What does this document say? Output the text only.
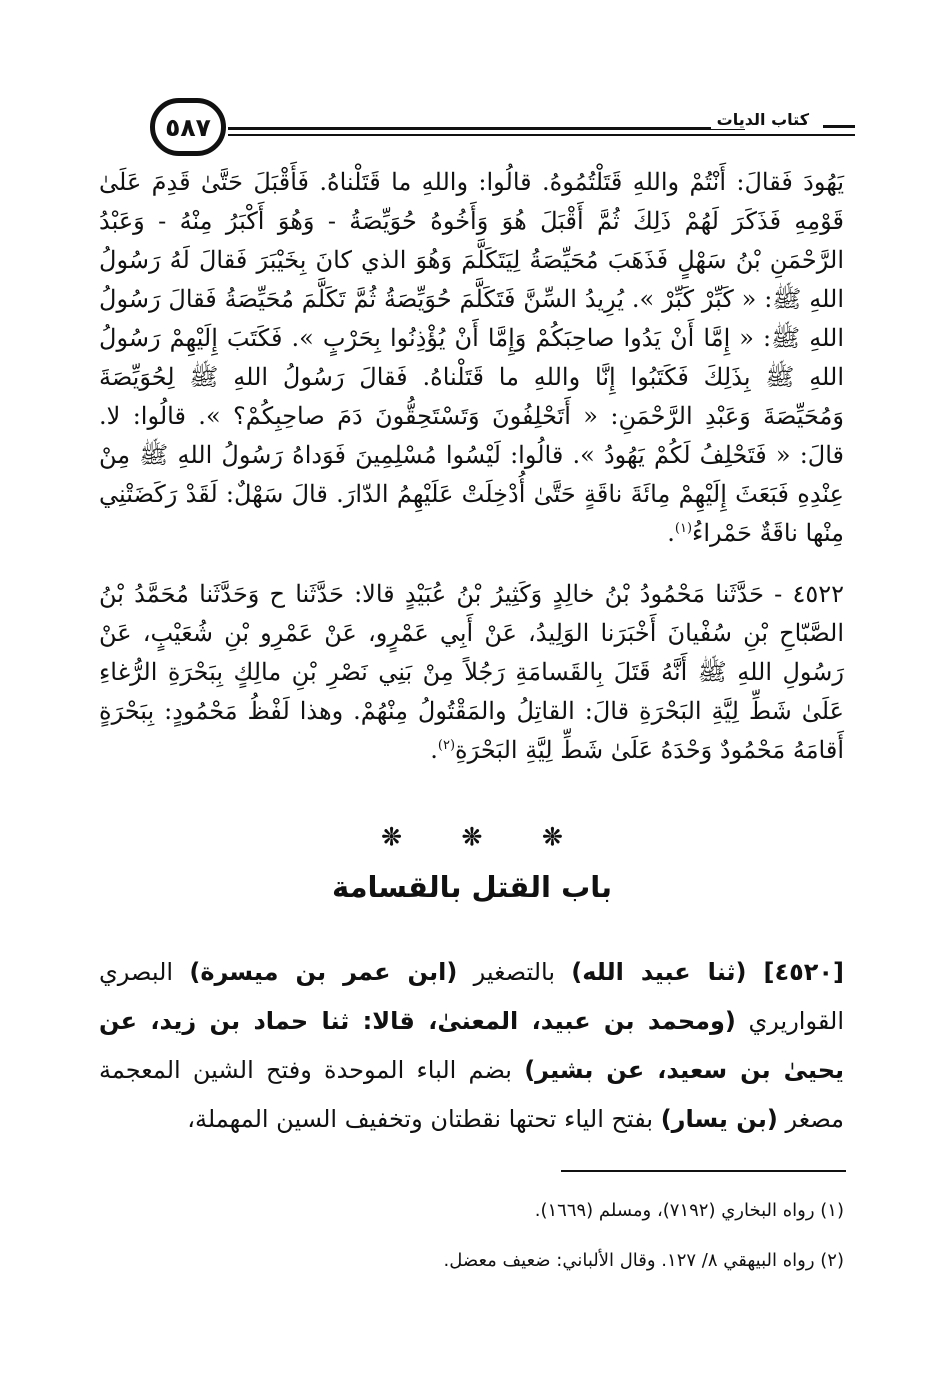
كتاب الديات
٥٨٧

يَهُودَ فَقالَ: أَنْتُمْ واللهِ قَتَلْتُمُوهُ. قالُوا: واللهِ ما قَتَلْناهُ. فَأَقْبَلَ حَتَّىٰ قَدِمَ عَلَىٰ قَوْمِهِ فَذَكَرَ لَهُمْ ذَلِكَ ثُمَّ أَقْبَلَ هُوَ وَأَخُوهُ حُوَيِّصَةُ - وَهُوَ أَكْبَرُ مِنْهُ - وَعَبْدُ الرَّحْمَنِ بْنُ سَهْلٍ فَذَهَبَ مُحَيِّصَةُ لِيَتَكَلَّمَ وَهُوَ الذي كانَ بِخَيْبَرَ فَقالَ لَهُ رَسُولُ اللهِ ﷺ: « كَبِّرْ كَبِّرْ ». يُرِيدُ السِّنَّ فَتَكَلَّمَ حُوَيِّصَةُ ثُمَّ تَكَلَّمَ مُحَيِّصَةُ فَقالَ رَسُولُ اللهِ ﷺ: « إِمَّا أَنْ يَدُوا صاحِبَكُمْ وَإِمَّا أَنْ يُؤْذِنُوا بِحَرْبٍ ». فَكَتَبَ إِلَيْهِمْ رَسُولُ اللهِ ﷺ بِذَلِكَ فَكَتَبُوا إِنَّا واللهِ ما قَتَلْناهُ. فَقالَ رَسُولُ اللهِ ﷺ لِحُوَيِّصَةَ وَمُحَيِّصَةَ وَعَبْدِ الرَّحْمَنِ: « أَتَحْلِفُونَ وَتَسْتَحِقُّونَ دَمَ صاحِبِكُمْ؟ ». قالُوا: لا. قالَ: « فَتَحْلِفُ لَكُمْ يَهُودُ ». قالُوا: لَيْسُوا مُسْلِمِينَ فَوَداهُ رَسُولُ اللهِ ﷺ مِنْ عِنْدِهِ فَبَعَثَ إِلَيْهِمْ مِائَةَ ناقَةٍ حَتَّىٰ أُدْخِلَتْ عَلَيْهِمُ الدّارَ. قالَ سَهْلٌ: لَقَدْ رَكَضَتْنِي مِنْها ناقَةٌ حَمْراءُ$^{(١)}$.

٤٥٢٢ - حَدَّثَنا مَحْمُودُ بْنُ خالِدٍ وَكَثِيرُ بْنُ عُبَيْدٍ قالا: حَدَّثَنا ح وَحَدَّثَنا مُحَمَّدُ بْنُ الصَّبّاحِ بْنِ سُفْيانَ أَخْبَرَنا الوَلِيدُ، عَنْ أَبِي عَمْرٍو، عَنْ عَمْرِو بْنِ شُعَيْبٍ، عَنْ رَسُولِ اللهِ ﷺ أَنَّهُ قَتَلَ بِالقَسامَةِ رَجُلاً مِنْ بَنِي نَصْرِ بْنِ مالِكٍ بِبَحْرَةِ الرُّغاءِ عَلَىٰ شَطِّ لِيَّةِ البَحْرَةِ قالَ: القاتِلُ والمَقْتُولُ مِنْهُمْ. وهذا لَفْظُ مَحْمُودٍ: بِبَحْرَةٍ أَقامَهُ مَحْمُودٌ وَحْدَهُ عَلَىٰ شَطِّ لِيَّةِ البَحْرَةِ$^{(٢)}$.

❊ ❊ ❊
باب القتل بالقسامة

[٤٥٢٠] (ثنا عبيد الله) بالتصغير (ابن عمر بن ميسرة) البصري القواريري (ومحمد بن عبيد، المعنىٰ، قالا: ثنا حماد بن زيد، عن يحيىٰ بن سعيد، عن بشير) بضم الباء الموحدة وفتح الشين المعجمة مصغر (بن يسار) بفتح الياء تحتها نقطتان وتخفيف السين المهملة،

(١) رواه البخاري (٧١٩٢)، ومسلم (١٦٦٩).
(٢) رواه البيهقي ٨/ ١٢٧. وقال الألباني: ضعيف معضل.
